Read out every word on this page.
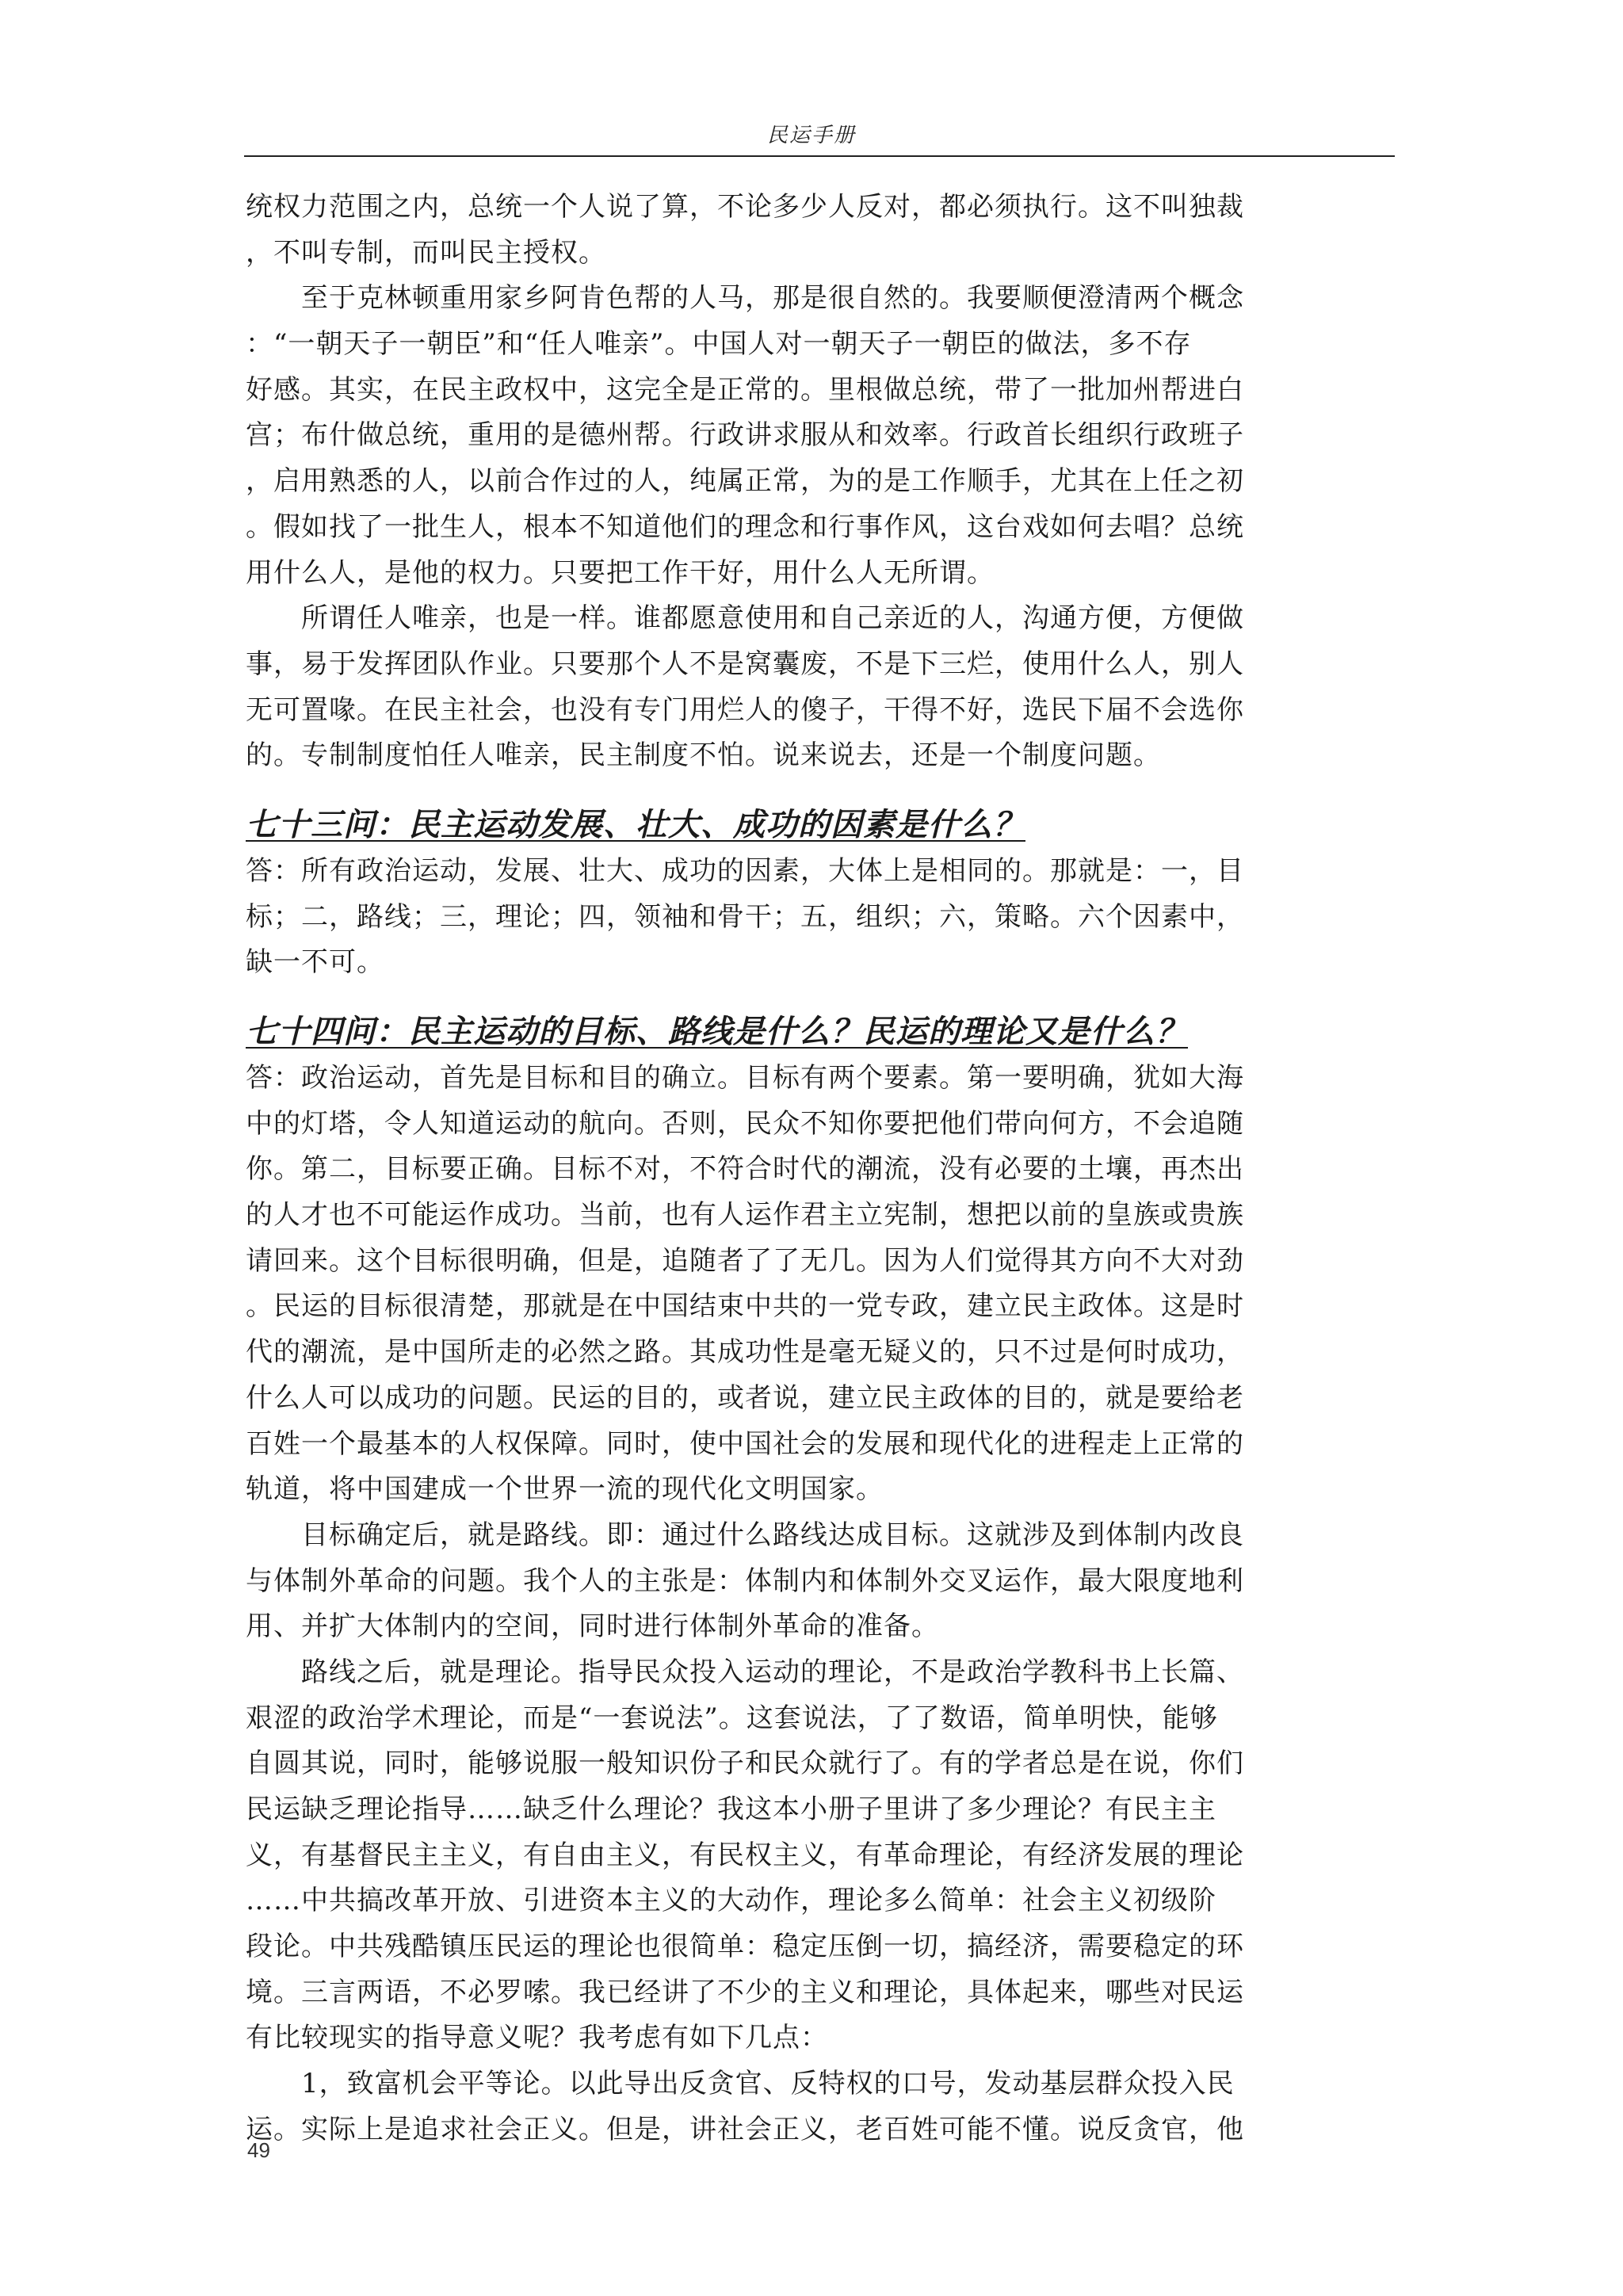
民运手册
统权力范围之内，总统一个人说了算，不论多少人反对，都必须执行。这不叫独裁
，不叫专制，而叫民主授权。
至于克林顿重用家乡阿肯色帮的人马，那是很自然的。我要顺便澄清两个概念
：“一朝天子一朝臣”和“任人唯亲”。中国人对一朝天子一朝臣的做法，多不存
好感。其实，在民主政权中，这完全是正常的。里根做总统，带了一批加州帮进白
宫；布什做总统，重用的是德州帮。行政讲求服从和效率。行政首长组织行政班子
，启用熟悉的人，以前合作过的人，纯属正常，为的是工作顺手，尤其在上任之初
。假如找了一批生人，根本不知道他们的理念和行事作风，这台戏如何去唱？总统
用什么人，是他的权力。只要把工作干好，用什么人无所谓。
所谓任人唯亲，也是一样。谁都愿意使用和自己亲近的人，沟通方便，方便做
事，易于发挥团队作业。只要那个人不是窝囊废，不是下三烂，使用什么人，别人
无可置喙。在民主社会，也没有专门用烂人的傻子，干得不好，选民下届不会选你
的。专制制度怕任人唯亲，民主制度不怕。说来说去，还是一个制度问题。
七十三问：民主运动发展、壮大、成功的因素是什么？
答：所有政治运动，发展、壮大、成功的因素，大体上是相同的。那就是：一，目
标；二，路线；三，理论；四，领袖和骨干；五，组织；六，策略。六个因素中，
缺一不可。
七十四问：民主运动的目标、路线是什么？民运的理论又是什么？
答：政治运动，首先是目标和目的确立。目标有两个要素。第一要明确，犹如大海
中的灯塔，令人知道运动的航向。否则，民众不知你要把他们带向何方，不会追随
你。第二，目标要正确。目标不对，不符合时代的潮流，没有必要的土壤，再杰出
的人才也不可能运作成功。当前，也有人运作君主立宪制，想把以前的皇族或贵族
请回来。这个目标很明确，但是，追随者了了无几。因为人们觉得其方向不大对劲
。民运的目标很清楚，那就是在中国结束中共的一党专政，建立民主政体。这是时
代的潮流，是中国所走的必然之路。其成功性是毫无疑义的，只不过是何时成功，
什么人可以成功的问题。民运的目的，或者说，建立民主政体的目的，就是要给老
百姓一个最基本的人权保障。同时，使中国社会的发展和现代化的进程走上正常的
轨道，将中国建成一个世界一流的现代化文明国家。
目标确定后，就是路线。即：通过什么路线达成目标。这就涉及到体制内改良
与体制外革命的问题。我个人的主张是：体制内和体制外交叉运作，最大限度地利
用、并扩大体制内的空间，同时进行体制外革命的准备。
路线之后，就是理论。指导民众投入运动的理论，不是政治学教科书上长篇、
艰涩的政治学术理论，而是“一套说法”。这套说法，了了数语，简单明快，能够
自圆其说，同时，能够说服一般知识份子和民众就行了。有的学者总是在说，你们
民运缺乏理论指导……缺乏什么理论？我这本小册子里讲了多少理论？有民主主
义，有基督民主主义，有自由主义，有民权主义，有革命理论，有经济发展的理论
……中共搞改革开放、引进资本主义的大动作，理论多么简单：社会主义初级阶
段论。中共残酷镇压民运的理论也很简单：稳定压倒一切，搞经济，需要稳定的环
境。三言两语，不必罗嗦。我已经讲了不少的主义和理论，具体起来，哪些对民运
有比较现实的指导意义呢？我考虑有如下几点：
1，致富机会平等论。以此导出反贪官、反特权的口号，发动基层群众投入民
运。实际上是追求社会正义。但是，讲社会正义，老百姓可能不懂。说反贪官，他
49
